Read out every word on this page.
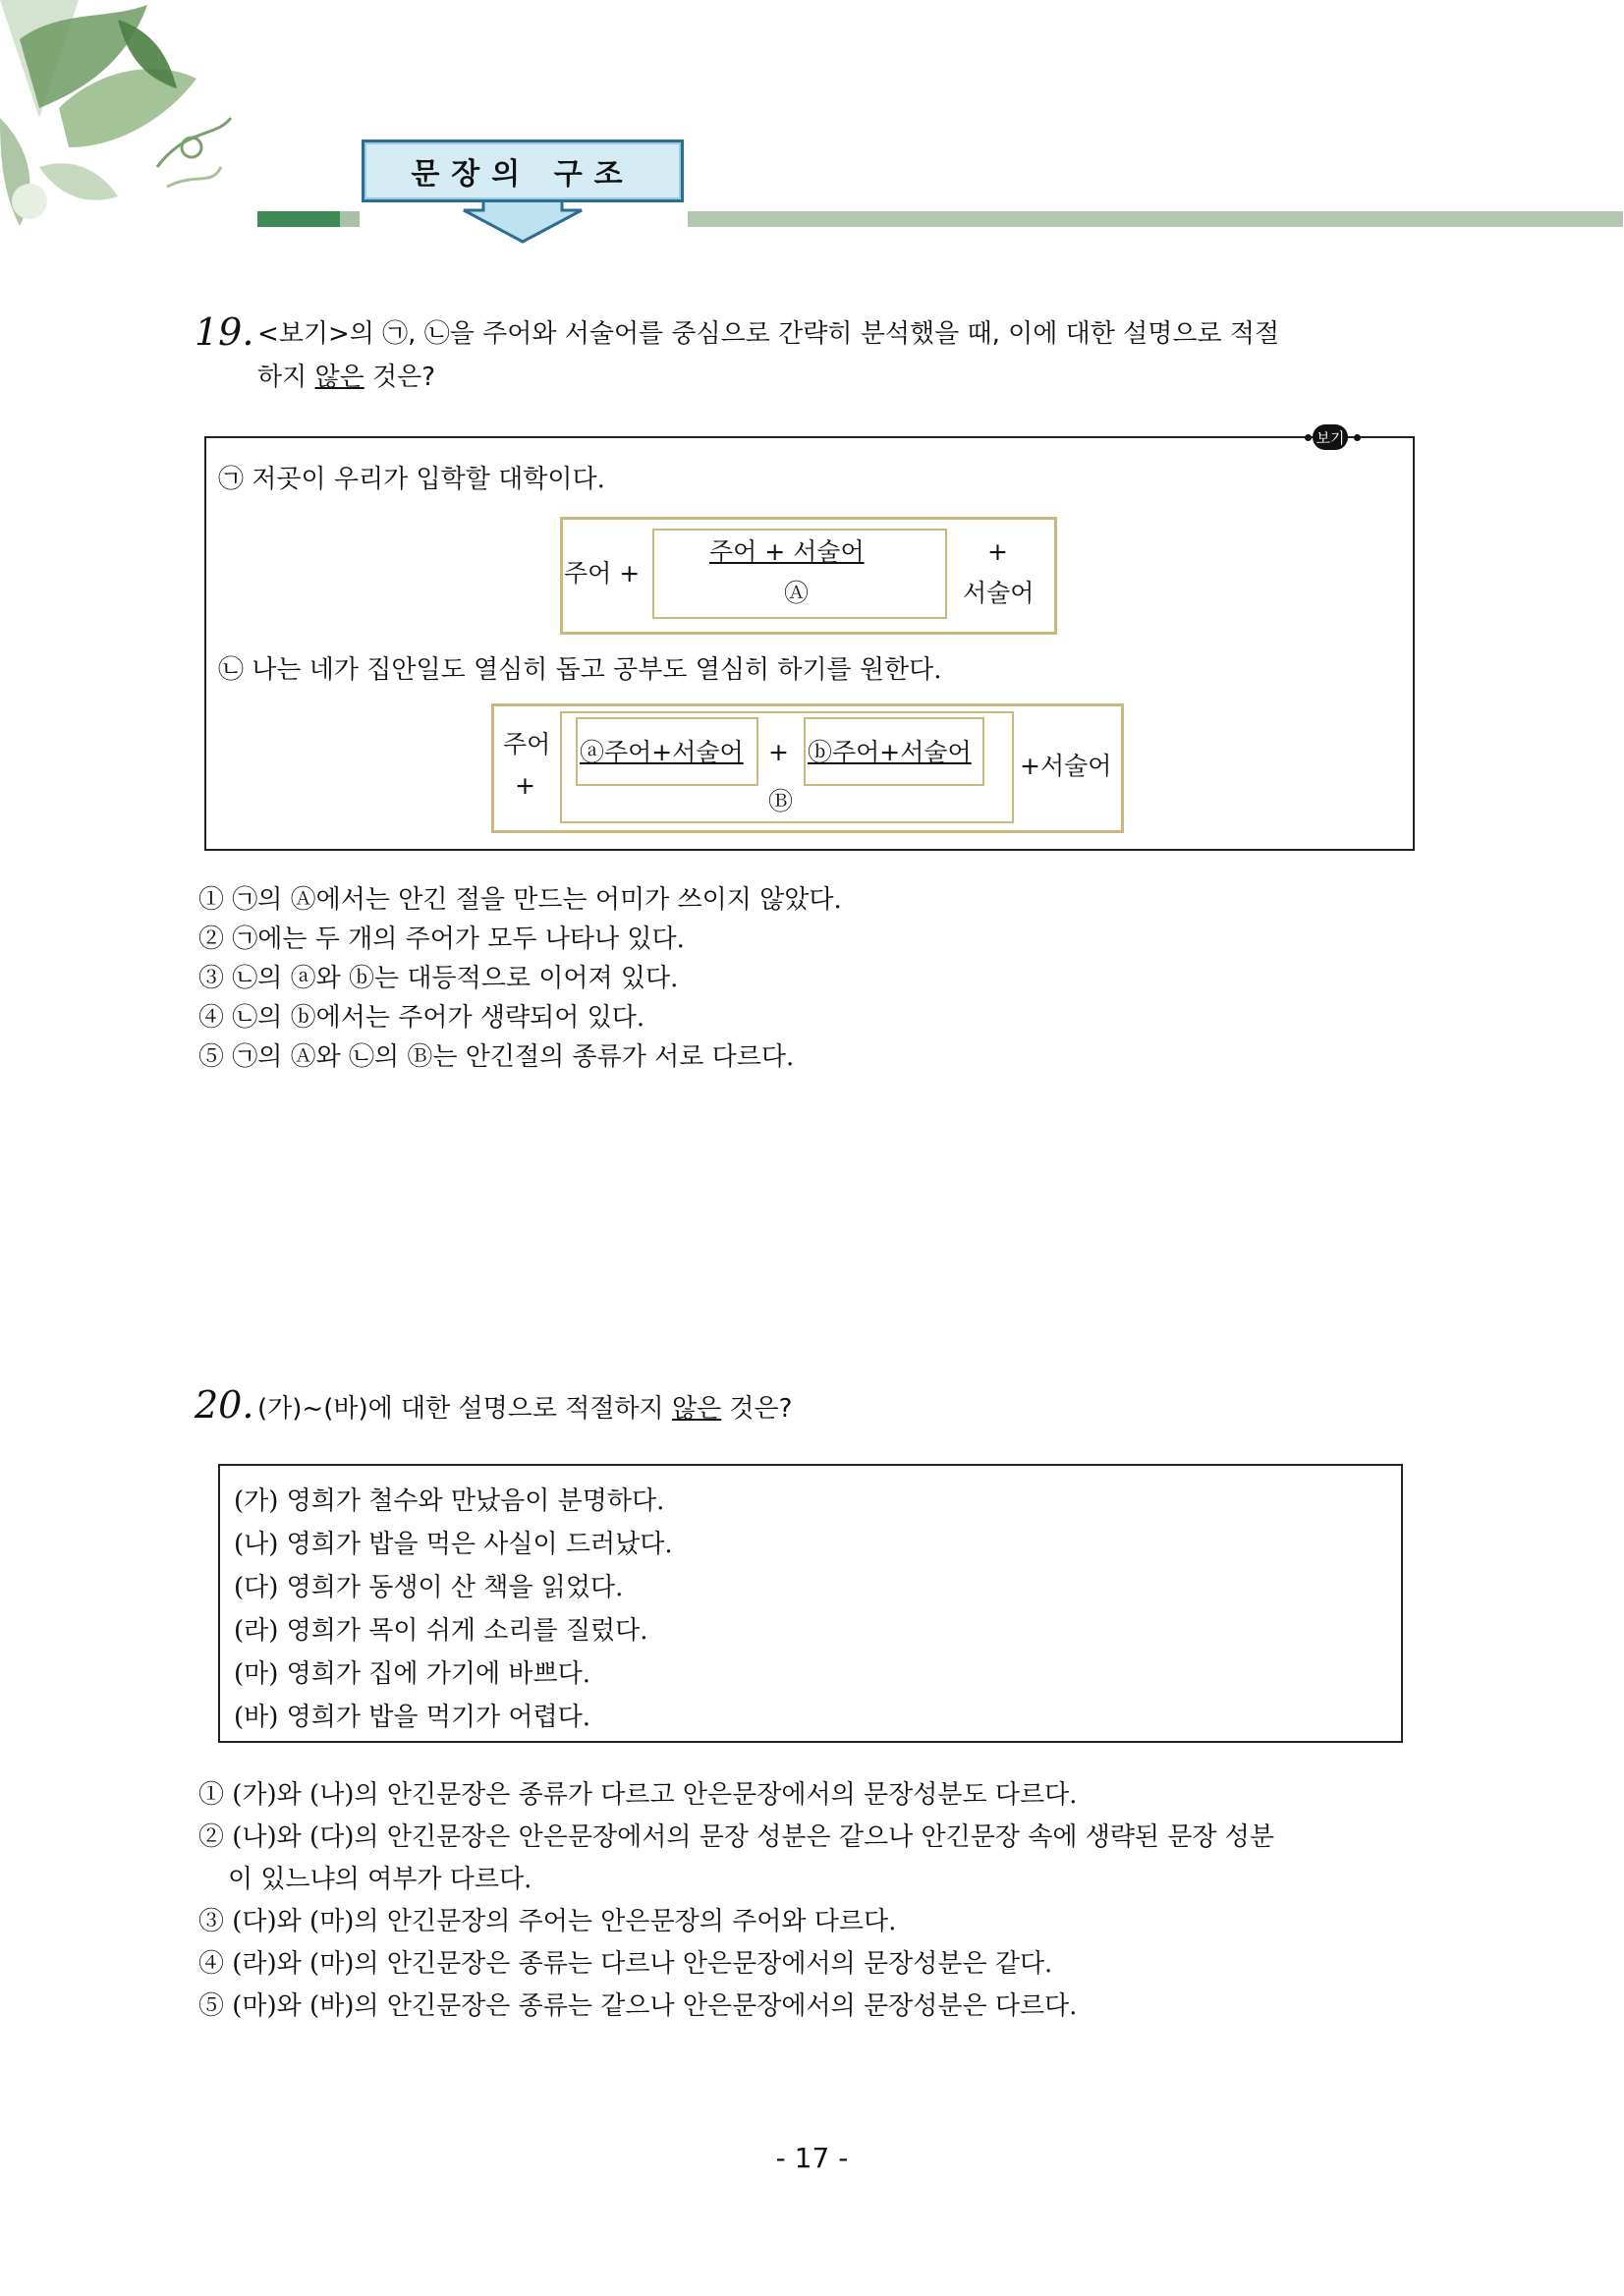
문장의 구조
19. <보기>의 ㉠, ㉡을 주어와 서술어를 중심으로 간략히 분석했을 때, 이에 대한 설명으로 적절
하지 않은 것은?
보기
㉠ 저곳이 우리가 입학할 대학이다.
주어 +
주어 + 서술어
Ⓐ
+
서술어
㉡ 나는 네가 집안일도 열심히 돕고 공부도 열심히 하기를 원한다.
주어
+
ⓐ주어+서술어 + ⓑ주어+서술어
Ⓑ
+서술어
① ㉠의 Ⓐ에서는 안긴 절을 만드는 어미가 쓰이지 않았다.
② ㉠에는 두 개의 주어가 모두 나타나 있다.
③ ㉡의 ⓐ와 ⓑ는 대등적으로 이어져 있다.
④ ㉡의 ⓑ에서는 주어가 생략되어 있다.
⑤ ㉠의 Ⓐ와 ㉡의 Ⓑ는 안긴절의 종류가 서로 다르다.
20. (가)~(바)에 대한 설명으로 적절하지 않은 것은?
(가) 영희가 철수와 만났음이 분명하다.
(나) 영희가 밥을 먹은 사실이 드러났다.
(다) 영희가 동생이 산 책을 읽었다.
(라) 영희가 목이 쉬게 소리를 질렀다.
(마) 영희가 집에 가기에 바쁘다.
(바) 영희가 밥을 먹기가 어렵다.
① (가)와 (나)의 안긴문장은 종류가 다르고 안은문장에서의 문장성분도 다르다.
② (나)와 (다)의 안긴문장은 안은문장에서의 문장 성분은 같으나 안긴문장 속에 생략된 문장 성분
이 있느냐의 여부가 다르다.
③ (다)와 (마)의 안긴문장의 주어는 안은문장의 주어와 다르다.
④ (라)와 (마)의 안긴문장은 종류는 다르나 안은문장에서의 문장성분은 같다.
⑤ (마)와 (바)의 안긴문장은 종류는 같으나 안은문장에서의 문장성분은 다르다.
- 17 -
